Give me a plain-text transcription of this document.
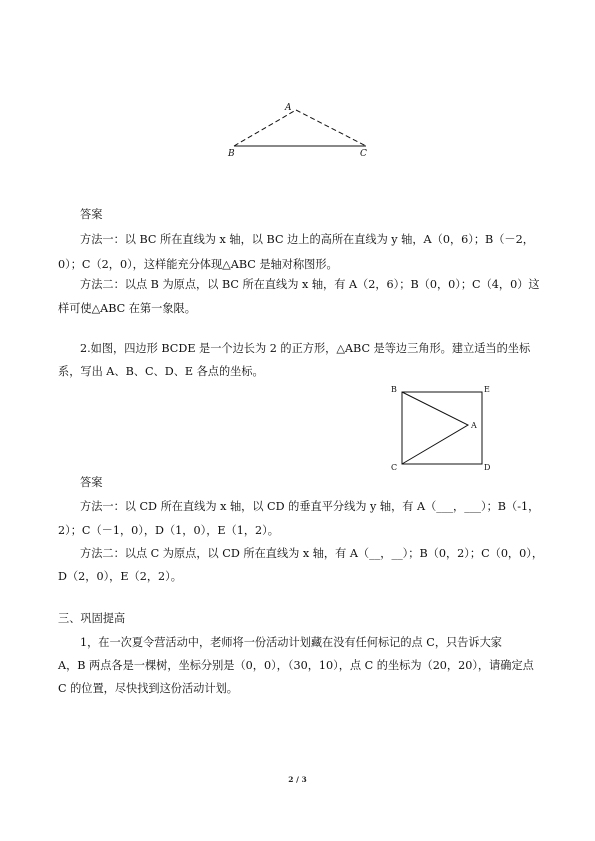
A
B	C
答案
方法一：以 BC 所在直线为 x 轴，以 BC 边上的高所在直线为 y 轴，A（0，6）；B（－2，
0）；C（2，0），这样能充分体现△ABC 是轴对称图形。
方法二：以点 B 为原点，以 BC 所在直线为 x 轴，有 A（2，6）；B（0，0）；C（4，0）这
样可使△ABC 在第一象限。
2.如图，四边形 BCDE 是一个边长为 2 的正方形，△ABC 是等边三角形。建立适当的坐标
系，写出 A、B、C、D、E 各点的坐标。
B	E
A
C	D
答案
方法一：以 CD 所在直线为 x 轴，以 CD 的垂直平分线为 y 轴，有 A（___，___）；B（-1，
2）；C（－1，0），D（1，0），E（1，2）。
方法二：以点 C 为原点，以 CD 所在直线为 x 轴，有 A（__，__）；B（0，2）；C（0，0），
D（2，0），E（2，2）。
三、巩固提高
1，在一次夏令营活动中，老师将一份活动计划藏在没有任何标记的点 C，只告诉大家
A，B 两点各是一棵树，坐标分别是（0，0），（30，10），点 C 的坐标为（20，20），请确定点
C 的位置，尽快找到这份活动计划。
2 / 3
